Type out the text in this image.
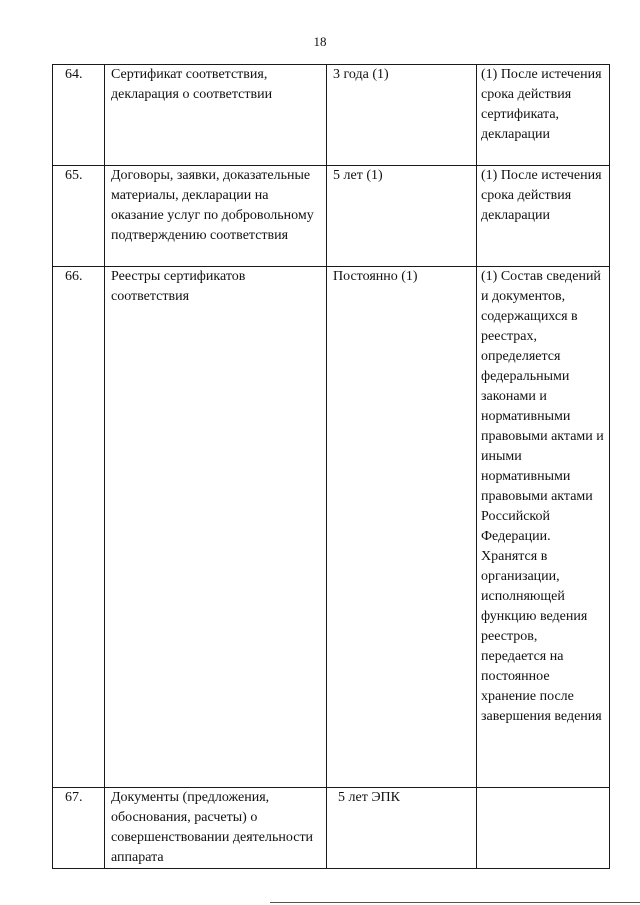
18
64.	Сертификат соответствия, декларация о соответствии	3 года (1)	(1) После истечения срока действия сертификата, декларации
65.	Договоры, заявки, доказательные материалы, декларации на оказание услуг по добровольному подтверждению соответствия	5 лет (1)	(1) После истечения срока действия декларации
66.	Реестры сертификатов соответствия	Постоянно (1)	(1) Состав сведений и документов, содержащихся в реестрах, определяется федеральными законами и нормативными правовыми актами и иными нормативными правовыми актами Российской Федерации. Хранятся в организации, исполняющей функцию ведения реестров, передается на постоянное хранение после завершения ведения
67.	Документы (предложения, обоснования, расчеты) о совершенствовании деятельности аппарата	5 лет ЭПК	
